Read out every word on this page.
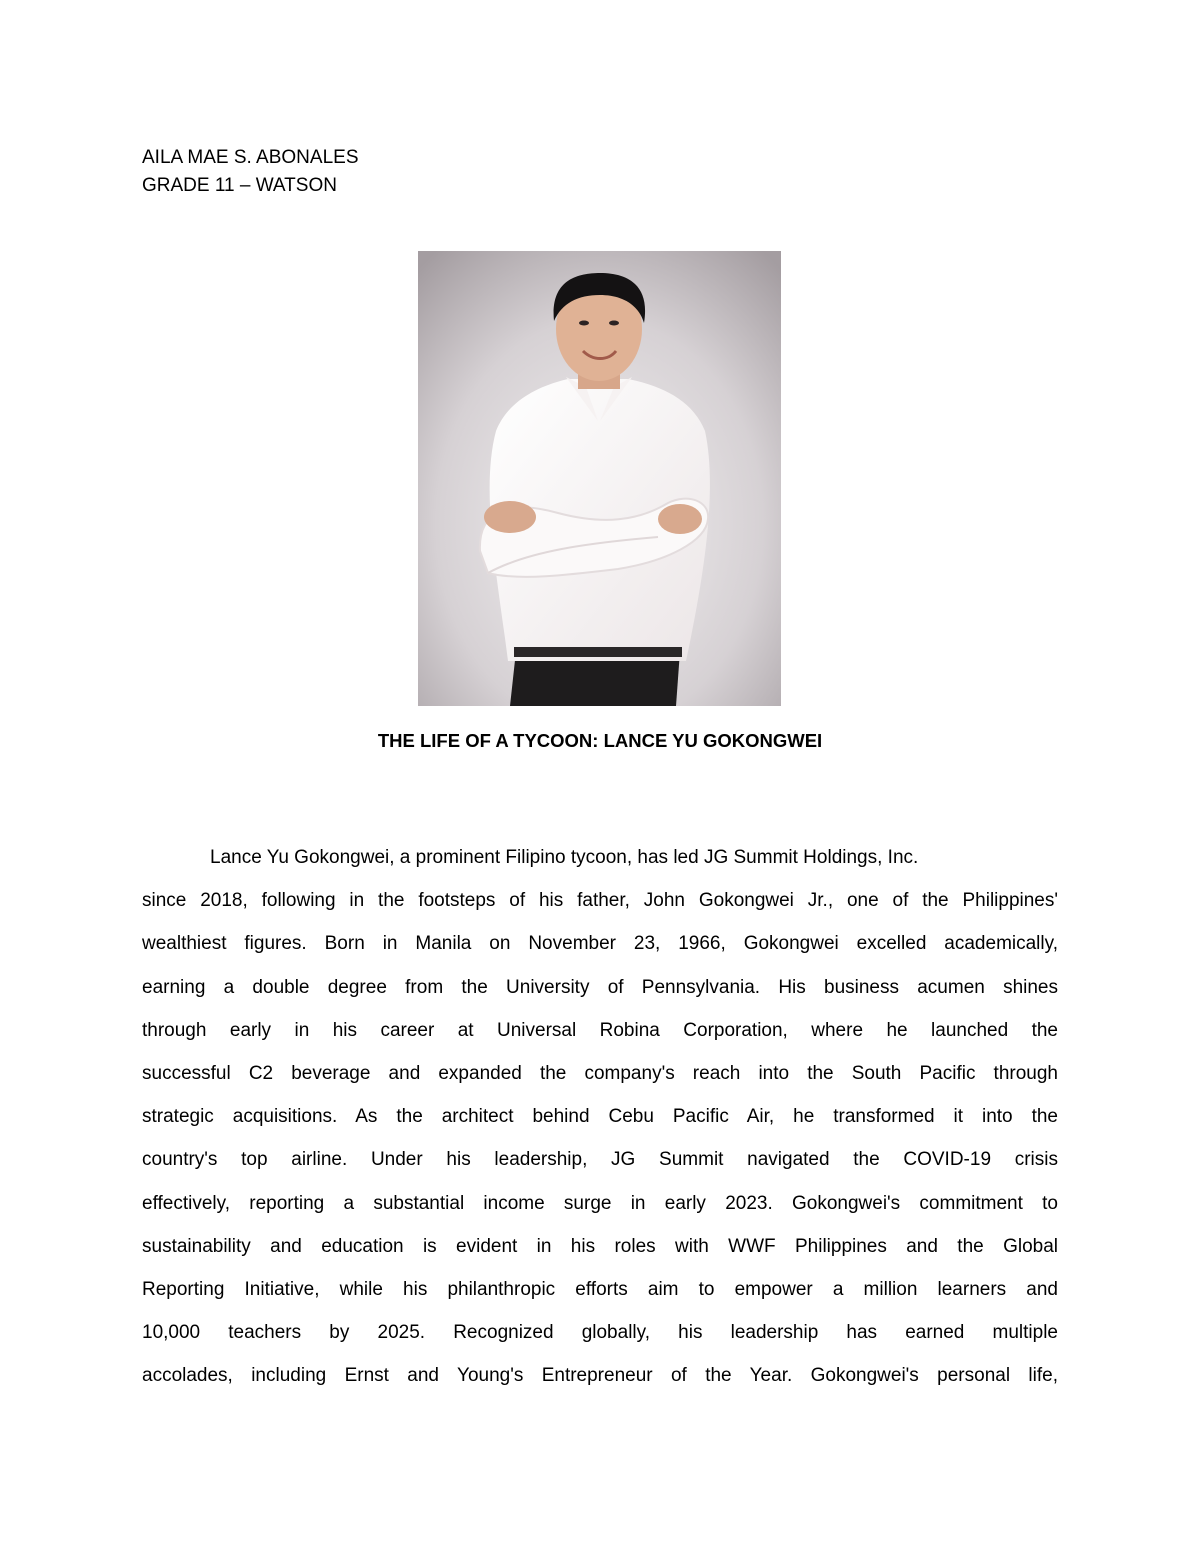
AILA MAE S. ABONALES
GRADE 11 – WATSON
THE LIFE OF A TYCOON: LANCE YU GOKONGWEI
Lance Yu Gokongwei, a prominent Filipino tycoon, has led JG Summit Holdings, Inc.
since 2018, following in the footsteps of his father, John Gokongwei Jr., one of the Philippines'
wealthiest figures. Born in Manila on November 23, 1966, Gokongwei excelled academically,
earning a double degree from the University of Pennsylvania. His business acumen shines
through early in his career at Universal Robina Corporation, where he launched the
successful C2 beverage and expanded the company's reach into the South Pacific through
strategic acquisitions. As the architect behind Cebu Pacific Air, he transformed it into the
country's top airline. Under his leadership, JG Summit navigated the COVID-19 crisis
effectively, reporting a substantial income surge in early 2023. Gokongwei's commitment to
sustainability and education is evident in his roles with WWF Philippines and the Global
Reporting Initiative, while his philanthropic efforts aim to empower a million learners and
10,000 teachers by 2025. Recognized globally, his leadership has earned multiple
accolades, including Ernst and Young's Entrepreneur of the Year. Gokongwei's personal life,
